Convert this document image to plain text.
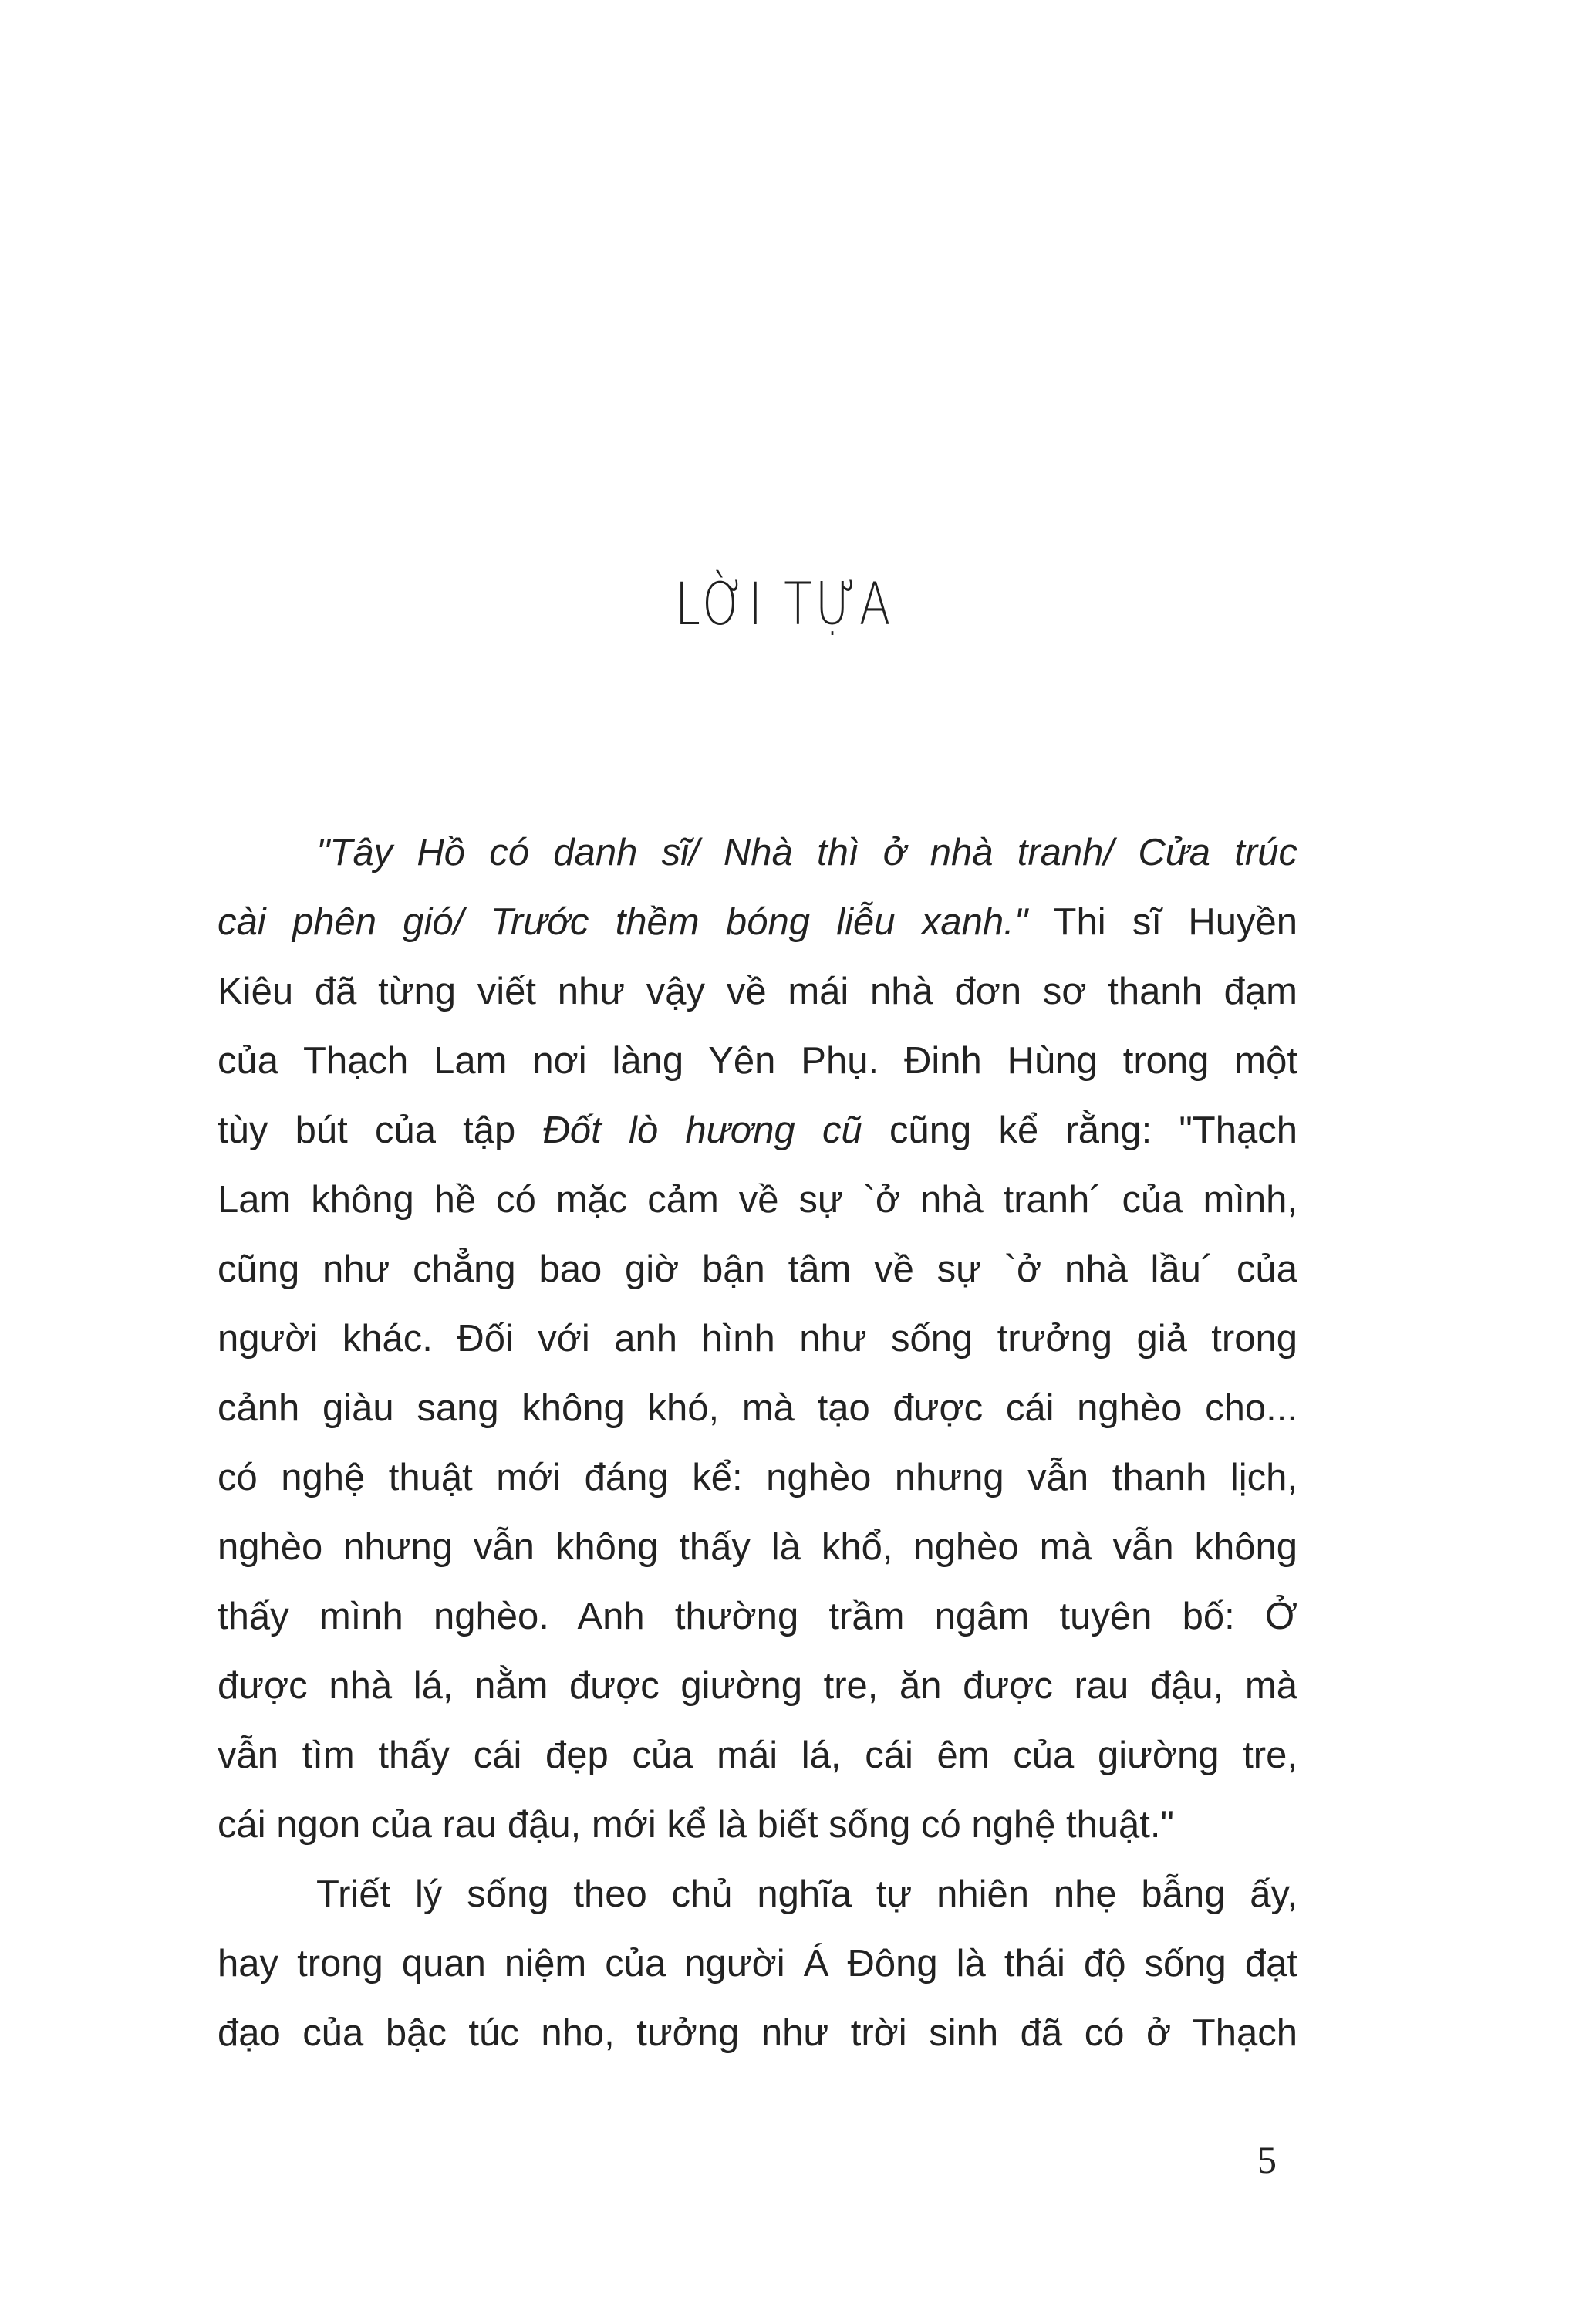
LỜI TỰA
"Tây Hồ có danh sĩ/ Nhà thì ở nhà tranh/ Cửa trúc
cài phên gió/ Trước thềm bóng liễu xanh." Thi sĩ Huyền
Kiêu đã từng viết như vậy về mái nhà đơn sơ thanh đạm
của Thạch Lam nơi làng Yên Phụ. Đinh Hùng trong một
tùy bút của tập Đốt lò hương cũ cũng kể rằng: "Thạch
Lam không hề có mặc cảm về sự `ở nhà tranh´ của mình,
cũng như chẳng bao giờ bận tâm về sự `ở nhà lầu´ của
người khác. Đối với anh hình như sống trưởng giả trong
cảnh giàu sang không khó, mà tạo được cái nghèo cho...
có nghệ thuật mới đáng kể: nghèo nhưng vẫn thanh lịch,
nghèo nhưng vẫn không thấy là khổ, nghèo mà vẫn không
thấy mình nghèo. Anh thường trầm ngâm tuyên bố: Ở
được nhà lá, nằm được giường tre, ăn được rau đậu, mà
vẫn tìm thấy cái đẹp của mái lá, cái êm của giường tre,
cái ngon của rau đậu, mới kể là biết sống có nghệ thuật."
Triết lý sống theo chủ nghĩa tự nhiên nhẹ bẫng ấy,
hay trong quan niệm của người Á Đông là thái độ sống đạt
đạo của bậc túc nho, tưởng như trời sinh đã có ở Thạch
5
